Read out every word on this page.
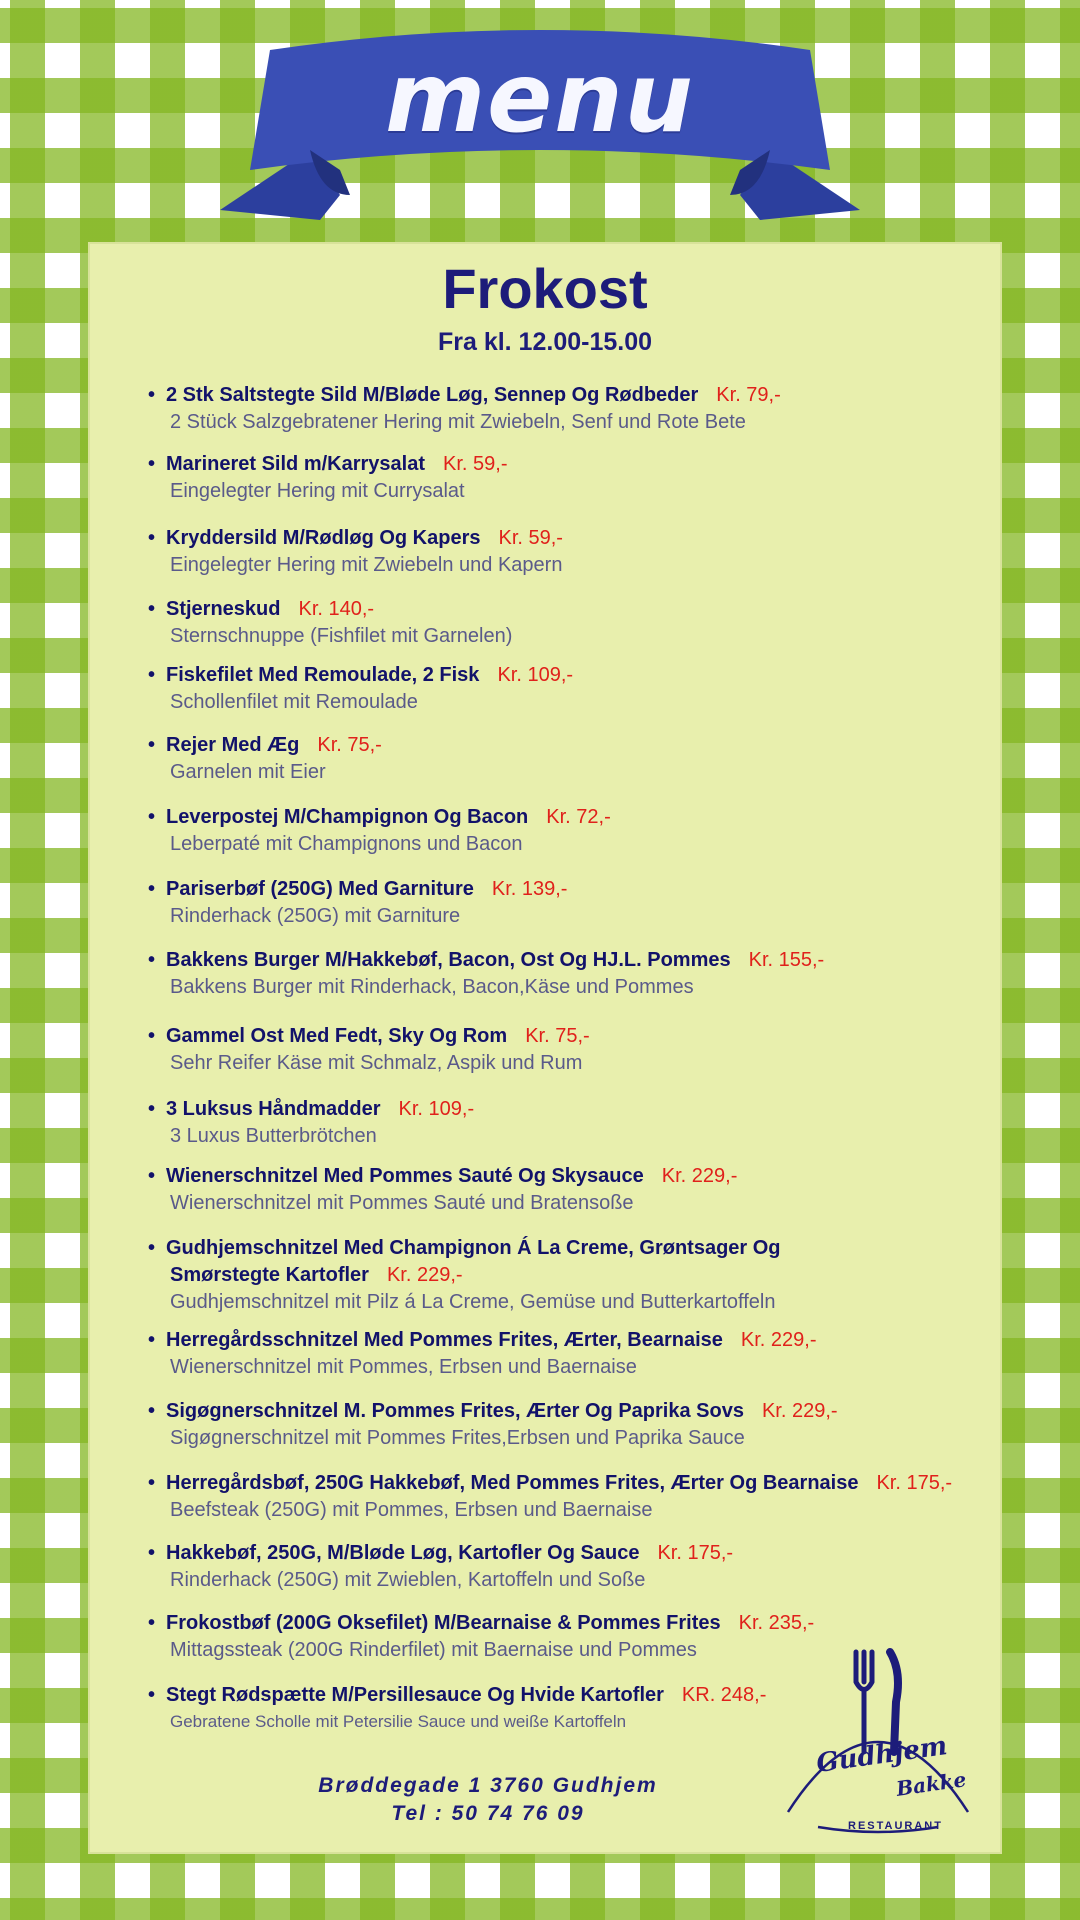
menu
Frokost
Fra kl. 12.00-15.00
• 2 Stk Saltstegte Sild M/Bløde Løg, Sennep Og Rødbeder Kr. 79,-
2 Stück Salzgebratener Hering mit Zwiebeln, Senf und Rote Bete
• Marineret Sild m/Karrysalat Kr. 59,-
Eingelegter Hering mit Currysalat
• Kryddersild M/Rødløg Og Kapers Kr. 59,-
Eingelegter Hering mit Zwiebeln und Kapern
• Stjerneskud Kr. 140,-
Sternschnuppe (Fishfilet mit Garnelen)
• Fiskefilet Med Remoulade, 2 Fisk Kr. 109,-
Schollenfilet mit Remoulade
• Rejer Med Æg Kr. 75,-
Garnelen mit Eier
• Leverpostej M/Champignon Og Bacon Kr. 72,-
Leberpaté mit Champignons und Bacon
• Pariserbøf (250G) Med Garniture Kr. 139,-
Rinderhack (250G) mit Garniture
• Bakkens Burger M/Hakkebøf, Bacon, Ost Og HJ.L. Pommes Kr. 155,-
Bakkens Burger mit Rinderhack, Bacon,Käse und Pommes
• Gammel Ost Med Fedt, Sky Og Rom Kr. 75,-
Sehr Reifer Käse mit Schmalz, Aspik und Rum
• 3 Luksus Håndmadder Kr. 109,-
3 Luxus Butterbrötchen
• Wienerschnitzel Med Pommes Sauté Og Skysauce Kr. 229,-
Wienerschnitzel mit Pommes Sauté und Bratensoße
• Gudhjemschnitzel Med Champignon Á La Creme, Grøntsager Og
Smørstegte Kartofler Kr. 229,-
Gudhjemschnitzel mit Pilz á La Creme, Gemüse und Butterkartoffeln
• Herregårdsschnitzel Med Pommes Frites, Ærter, Bearnaise Kr. 229,-
Wienerschnitzel mit Pommes, Erbsen und Baernaise
• Sigøgnerschnitzel M. Pommes Frites, Ærter Og Paprika Sovs Kr. 229,-
Sigøgnerschnitzel mit Pommes Frites,Erbsen und Paprika Sauce
• Herregårdsbøf, 250G Hakkebøf, Med Pommes Frites, Ærter Og Bearnaise Kr. 175,-
Beefsteak (250G) mit Pommes, Erbsen und Baernaise
• Hakkebøf, 250G, M/Bløde Løg, Kartofler Og Sauce Kr. 175,-
Rinderhack (250G) mit Zwieblen, Kartoffeln und Soße
• Frokostbøf (200G Oksefilet) M/Bearnaise & Pommes Frites Kr. 235,-
Mittagssteak (200G Rinderfilet) mit Baernaise und Pommes
• Stegt Rødspætte M/Persillesauce Og Hvide Kartofler KR. 248,-
Gebratene Scholle mit Petersilie Sauce und weiße Kartoffeln
Brøddegade 1 3760 Gudhjem
Tel : 50 74 76 09
Gudhjem
Bakke
RESTAURANT
